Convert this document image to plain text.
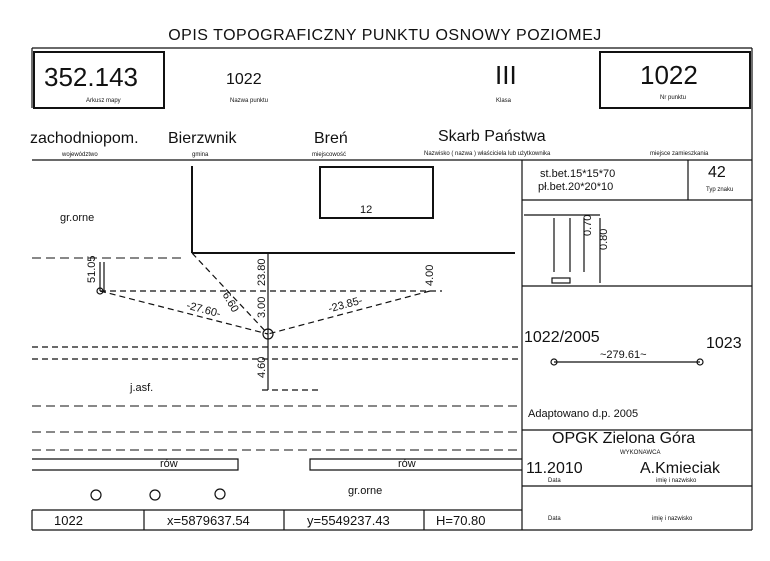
OPIS TOPOGRAFICZNY PUNKTU OSNOWY POZIOMEJ
352.143
Arkusz mapy
1022
Nazwa punktu
III
Klasa
1022
Nr punktu
zachodniopom.
województwo
Bierzwnik
gmina
Breń
miejscowość
Skarb Państwa
Nazwisko ( nazwa ) właściciela lub użytkownika	miejsce zamieszkania
st.bet.15*15*70
pł.bet.20*20*10
42
Typ znaku
0.70
0.80
12
gr.orne
51.05	23.80	4.00
6.60 3.00
-27.60-	-23.85-
4.60
j.asf.
rów	rów
gr.orne
1022/2005	1023
~279.61~
Adaptowano d.p. 2005
OPGK Zielona Góra
WYKONAWCA
11.2010
Data
A.Kmieciak
imię i nazwisko
Data	imię i nazwisko
1022	x=5879637.54	y=5549237.43	H=70.80
